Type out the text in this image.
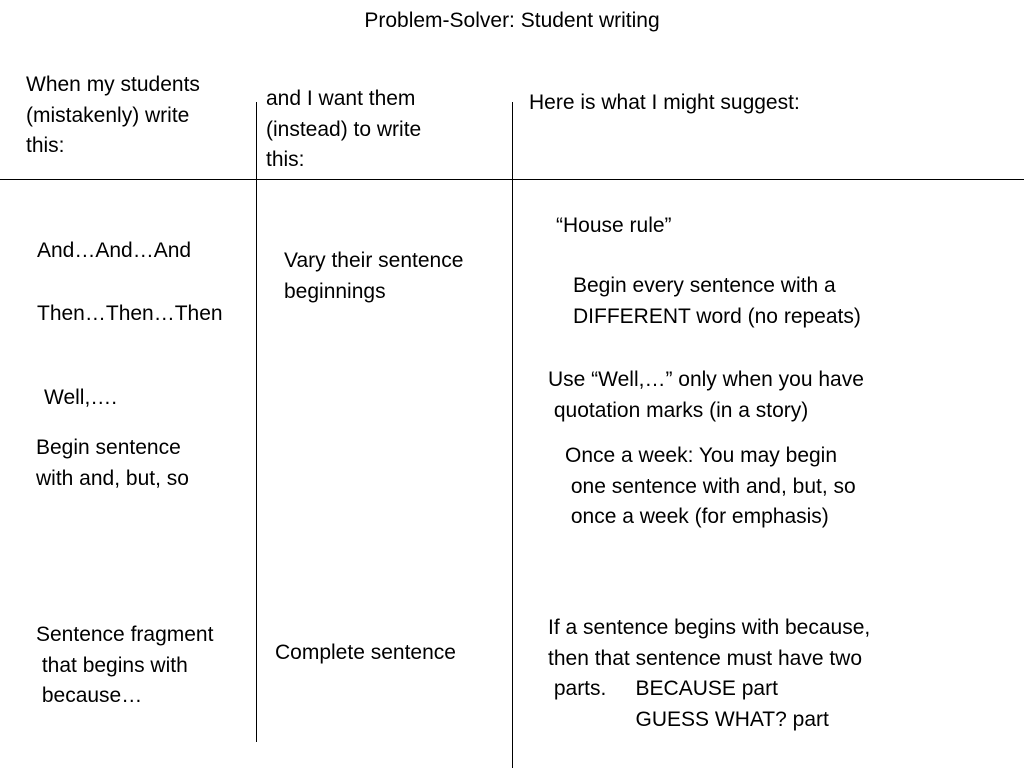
Problem-Solver: Student writing
When my students
(mistakenly) write
this:
and I want them
(instead) to write
this:
Here is what I might suggest:
And…And…And
Then…Then…Then
Well,….
Begin sentence
with and, but, so
Sentence fragment
that begins with
because…
Vary their sentence
beginnings
Complete sentence
“House rule”
Begin every sentence with a
DIFFERENT word (no repeats)
Use “Well,…” only when you have
quotation marks (in a story)
Once a week: You may begin
one sentence with and, but, so
once a week (for emphasis)
If a sentence begins with because,
then that sentence must have two
parts.     BECAUSE part
GUESS WHAT? part
